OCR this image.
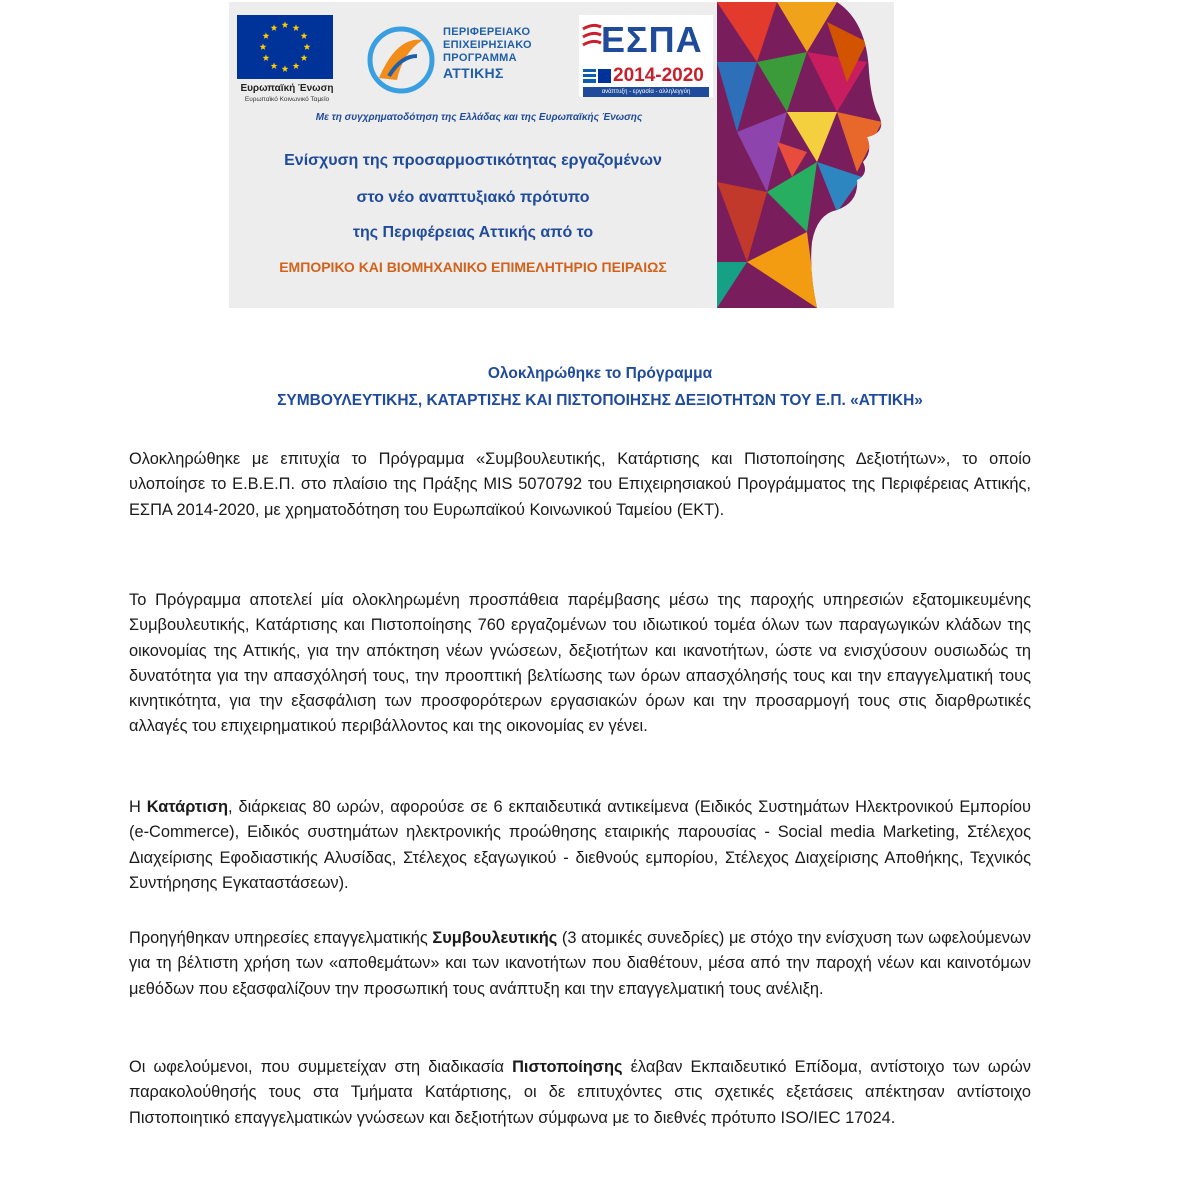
Ευρωπαϊκή Ένωση
Ευρωπαϊκό Κοινωνικό Ταμείο
ΠΕΡΙΦΕΡΕΙΑΚΟ
ΕΠΙΧΕΙΡΗΣΙΑΚΟ
ΠΡΟΓΡΑΜΜΑ
ΑΤΤΙΚΗΣ
ΕΣΠΑ
2014-2020
ανάπτυξη - εργασία - αλληλεγγύη
Με τη συγχρηματοδότηση της Ελλάδας και της Ευρωπαϊκής Ένωσης
Ενίσχυση της προσαρμοστικότητας εργαζομένων
στο νέο αναπτυξιακό πρότυπο
της Περιφέρειας Αττικής από το
ΕΜΠΟΡΙΚΟ ΚΑΙ ΒΙΟΜΗΧΑΝΙΚΟ ΕΠΙΜΕΛΗΤΗΡΙΟ ΠΕΙΡΑΙΩΣ
Ολοκληρώθηκε το Πρόγραμμα
ΣΥΜΒΟΥΛΕΥΤΙΚΗΣ, ΚΑΤΑΡΤΙΣΗΣ ΚΑΙ ΠΙΣΤΟΠΟΙΗΣΗΣ ΔΕΞΙΟΤΗΤΩΝ ΤΟΥ Ε.Π. «ΑΤΤΙΚΗ»
Ολοκληρώθηκε με επιτυχία το Πρόγραμμα «Συμβουλευτικής, Κατάρτισης και Πιστοποίησης Δεξιοτήτων», το οποίο υλοποίησε το Ε.Β.Ε.Π. στο πλαίσιο της Πράξης MIS 5070792 του Επιχειρησιακού Προγράμματος της Περιφέρειας Αττικής, ΕΣΠΑ 2014-2020, με χρηματοδότηση του Ευρωπαϊκού Κοινωνικού Ταμείου (ΕΚΤ).
Το Πρόγραμμα αποτελεί μία ολοκληρωμένη προσπάθεια παρέμβασης μέσω της παροχής υπηρεσιών εξατομικευμένης Συμβουλευτικής, Κατάρτισης και Πιστοποίησης 760 εργαζομένων του ιδιωτικού τομέα όλων των παραγωγικών κλάδων της οικονομίας της Αττικής, για την απόκτηση νέων γνώσεων, δεξιοτήτων και ικανοτήτων, ώστε να ενισχύσουν ουσιωδώς τη δυνατότητα για την απασχόλησή τους, την προοπτική βελτίωσης των όρων απασχόλησής τους και την επαγγελματική τους κινητικότητα, για την εξασφάλιση των προσφορότερων εργασιακών όρων και την προσαρμογή τους στις διαρθρωτικές αλλαγές του επιχειρηματικού περιβάλλοντος και της οικονομίας εν γένει.
Η Κατάρτιση, διάρκειας 80 ωρών, αφορούσε σε 6 εκπαιδευτικά αντικείμενα (Ειδικός Συστημάτων Ηλεκτρονικού Εμπορίου (e-Commerce), Ειδικός συστημάτων ηλεκτρονικής προώθησης εταιρικής παρουσίας - Social media Marketing, Στέλεχος Διαχείρισης Εφοδιαστικής Αλυσίδας, Στέλεχος εξαγωγικού - διεθνούς εμπορίου, Στέλεχος Διαχείρισης Αποθήκης, Τεχνικός Συντήρησης Εγκαταστάσεων).
Προηγήθηκαν υπηρεσίες επαγγελματικής Συμβουλευτικής (3 ατομικές συνεδρίες) με στόχο την ενίσχυση των ωφελούμενων για τη βέλτιστη χρήση των «αποθεμάτων» και των ικανοτήτων που διαθέτουν, μέσα από την παροχή νέων και καινοτόμων μεθόδων που εξασφαλίζουν την προσωπική τους ανάπτυξη και την επαγγελματική τους ανέλιξη.
Οι ωφελούμενοι, που συμμετείχαν στη διαδικασία Πιστοποίησης έλαβαν Εκπαιδευτικό Επίδομα, αντίστοιχο των ωρών παρακολούθησής τους στα Τμήματα Κατάρτισης, οι δε επιτυχόντες στις σχετικές εξετάσεις απέκτησαν αντίστοιχο Πιστοποιητικό επαγγελματικών γνώσεων και δεξιοτήτων σύμφωνα με το διεθνές πρότυπο ISO/IEC 17024.
